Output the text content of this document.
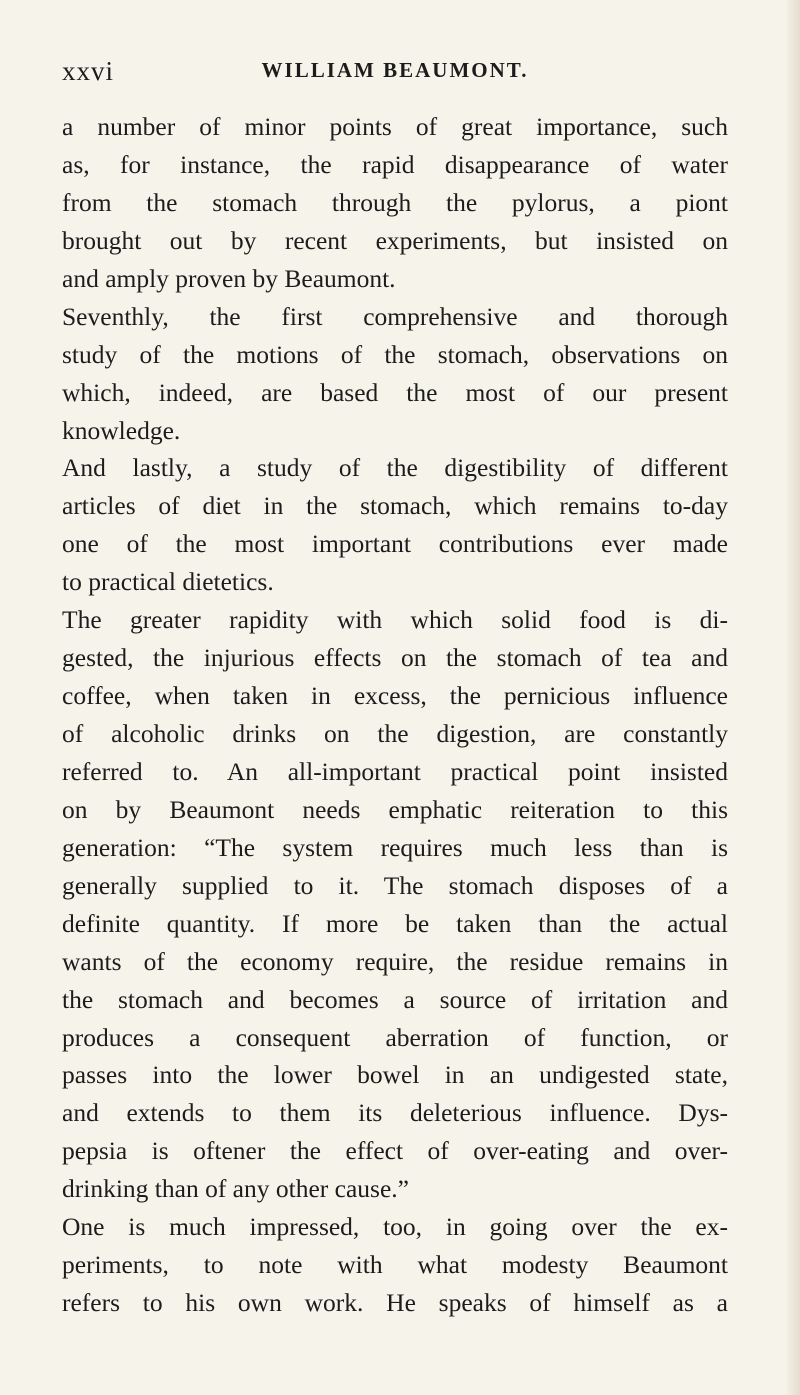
xxvi	WILLIAM BEAUMONT.
a number of minor points of great importance, such
as, for instance, the rapid disappearance of water
from the stomach through the pylorus, a piont
brought out by recent experiments, but insisted on
and amply proven by Beaumont.
Seventhly, the first comprehensive and thorough
study of the motions of the stomach, observations on
which, indeed, are based the most of our present
knowledge.
And lastly, a study of the digestibility of different
articles of diet in the stomach, which remains to-day
one of the most important contributions ever made
to practical dietetics.
The greater rapidity with which solid food is di-
gested, the injurious effects on the stomach of tea and
coffee, when taken in excess, the pernicious influence
of alcoholic drinks on the digestion, are constantly
referred to. An all-important practical point insisted
on by Beaumont needs emphatic reiteration to this
generation: “The system requires much less than is
generally supplied to it. The stomach disposes of a
definite quantity. If more be taken than the actual
wants of the economy require, the residue remains in
the stomach and becomes a source of irritation and
produces a consequent aberration of function, or
passes into the lower bowel in an undigested state,
and extends to them its deleterious influence. Dys-
pepsia is oftener the effect of over-eating and over-
drinking than of any other cause.”
One is much impressed, too, in going over the ex-
periments, to note with what modesty Beaumont
refers to his own work. He speaks of himself as a
